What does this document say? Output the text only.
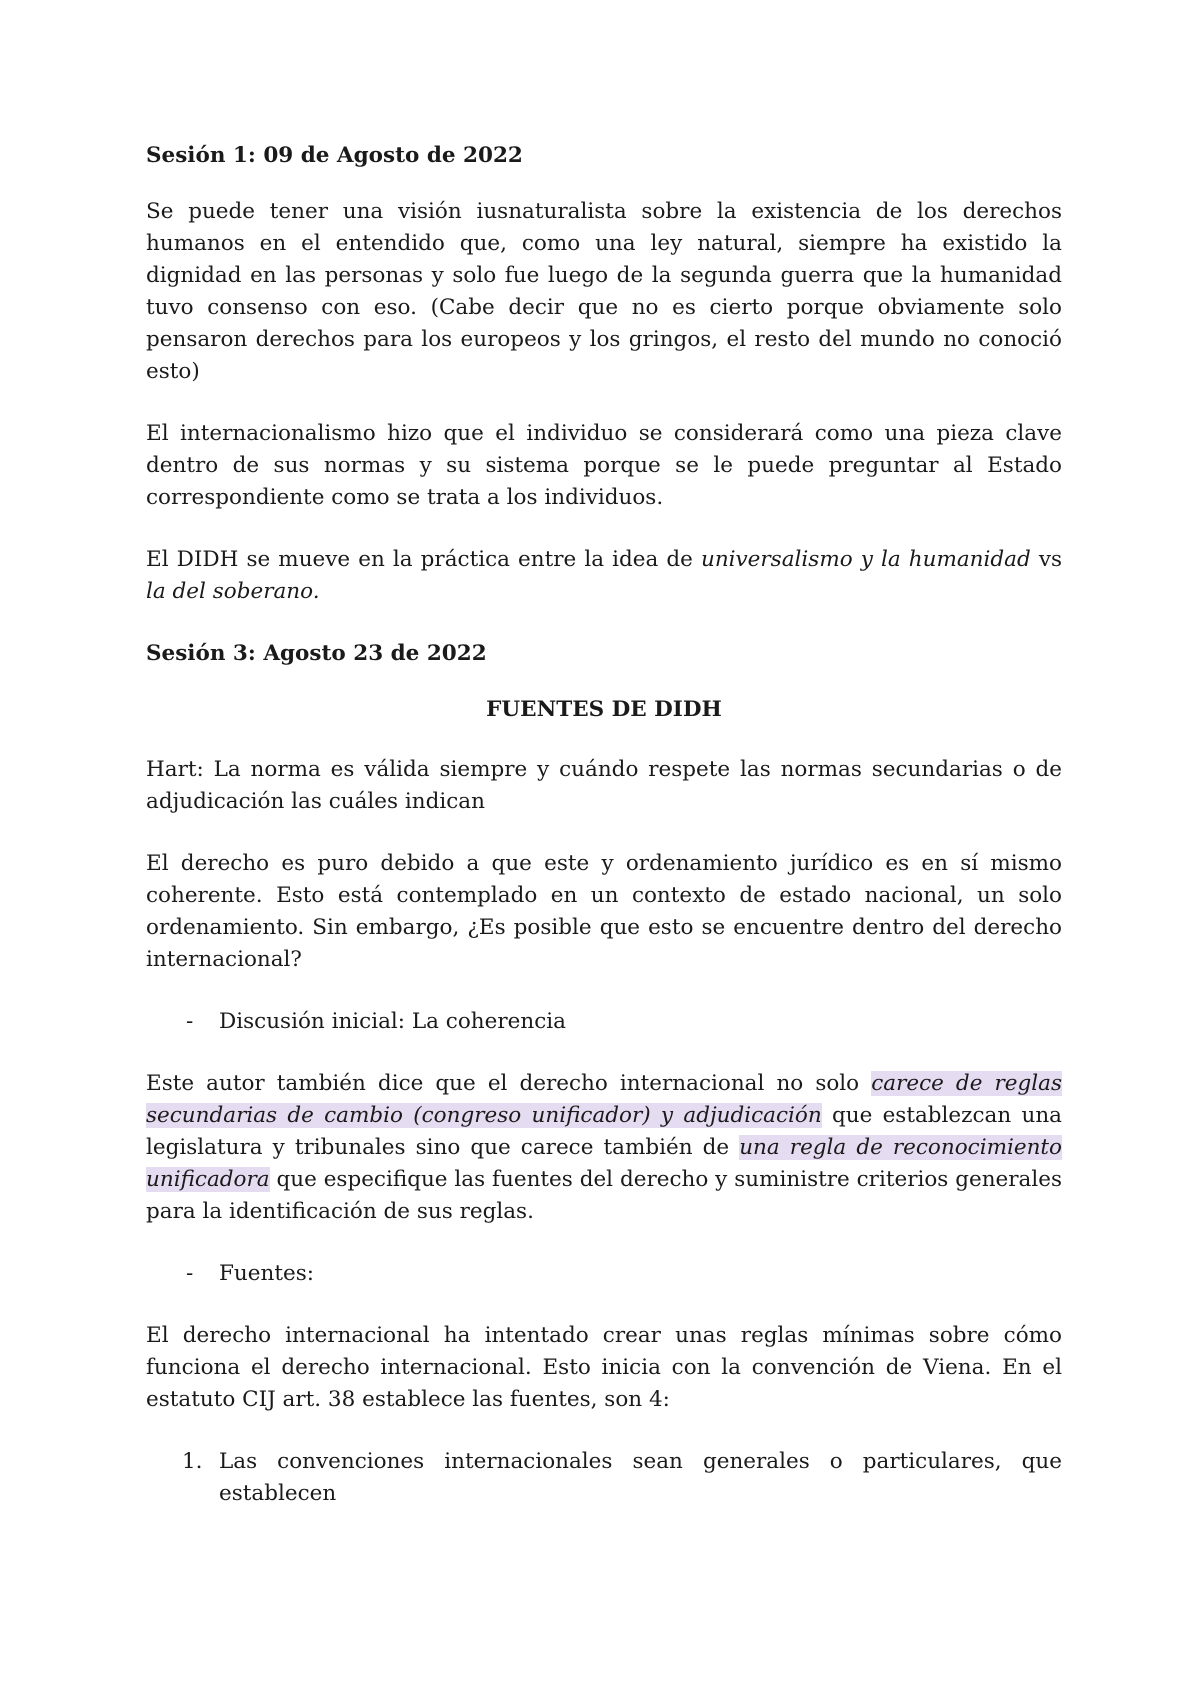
Sesión 1: 09 de Agosto de 2022
Se puede tener una visión iusnaturalista sobre la existencia de los derechos humanos en el entendido que, como una ley natural, siempre ha existido la dignidad en las personas y solo fue luego de la segunda guerra que la humanidad tuvo consenso con eso. (Cabe decir que no es cierto porque obviamente solo pensaron derechos para los europeos y los gringos, el resto del mundo no conoció esto)
El internacionalismo hizo que el individuo se considerará como una pieza clave dentro de sus normas y su sistema porque se le puede preguntar al Estado correspondiente como se trata a los individuos.
El DIDH se mueve en la práctica entre la idea de universalismo y la humanidad vs la del soberano.
Sesión 3: Agosto 23 de 2022
FUENTES DE DIDH
Hart: La norma es válida siempre y cuándo respete las normas secundarias o de adjudicación las cuáles indican
El derecho es puro debido a que este y ordenamiento jurídico es en sí mismo coherente. Esto está contemplado en un contexto de estado nacional, un solo ordenamiento. Sin embargo, ¿Es posible que esto se encuentre dentro del derecho internacional?
-	Discusión inicial: La coherencia
Este autor también dice que el derecho internacional no solo carece de reglas secundarias de cambio (congreso unificador) y adjudicación que establezcan una legislatura y tribunales sino que carece también de una regla de reconocimiento unificadora que especifique las fuentes del derecho y suministre criterios generales para la identificación de sus reglas.
-	Fuentes:
El derecho internacional ha intentado crear unas reglas mínimas sobre cómo funciona el derecho internacional. Esto inicia con la convención de Viena. En el estatuto CIJ art. 38 establece las fuentes, son 4:
1. Las convenciones internacionales sean generales o particulares, que establecen
